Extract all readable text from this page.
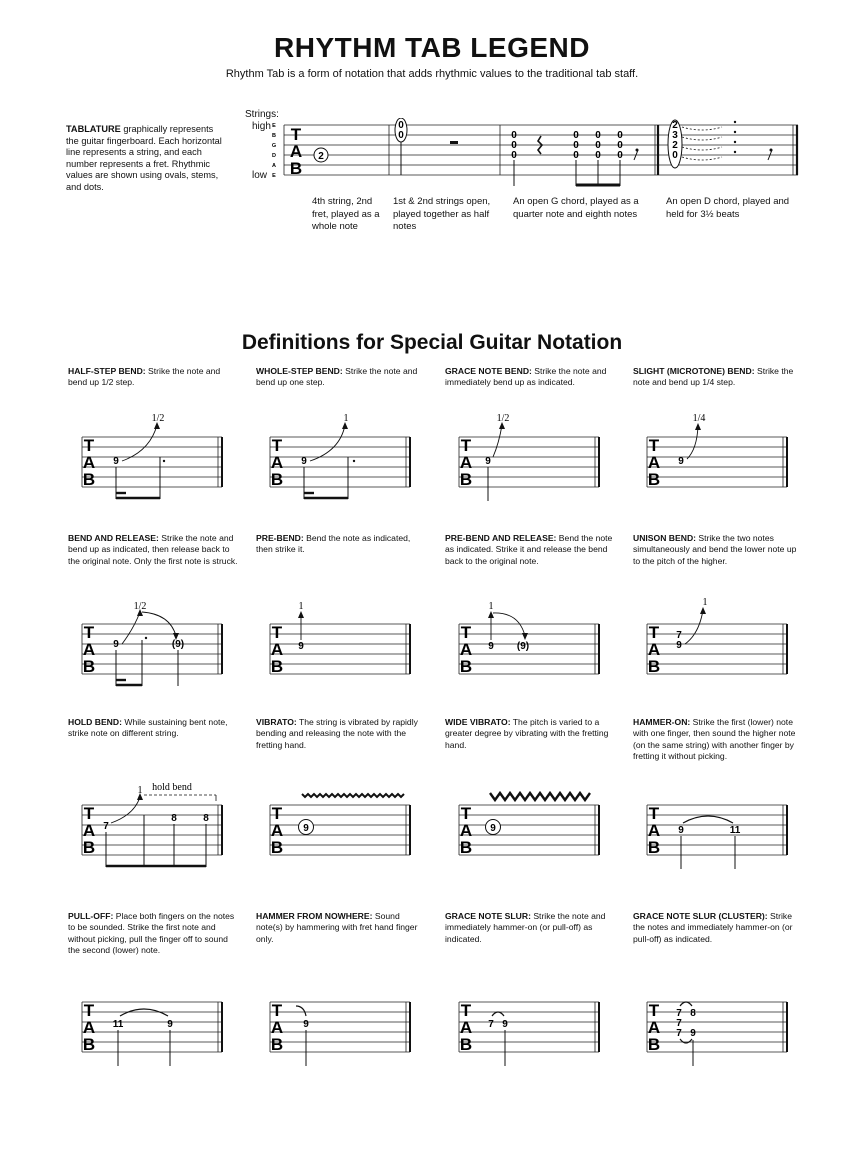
RHYTHM TAB LEGEND
Rhythm Tab is a form of notation that adds rhythmic values to the traditional tab staff.
TABLATURE graphically represents the guitar fingerboard. Each horizontal line represents a string, and each number represents a fret. Rhythmic values are shown using ovals, stems, and dots.
Strings:
high
low
E
B
G
D
A
E
T
A
B
2
0
0	0
0
0
0
0
0
0
0
0
0
0
0
2
3
2
0
4th string, 2nd fret, played as a whole note
1st & 2nd strings open, played together as half notes
An open G chord, played as a quarter note and eighth notes
An open D chord, played and held for 3½ beats
Definitions for Special Guitar Notation
HALF-STEP BEND: Strike the note and bend up 1/2 step.
WHOLE-STEP BEND: Strike the note and bend up one step.
GRACE NOTE BEND: Strike the note and immediately bend up as indicated.
SLIGHT (MICROTONE) BEND: Strike the note and bend up 1/4 step.
BEND AND RELEASE: Strike the note and bend up as indicated, then release back to the original note. Only the first note is struck.
PRE-BEND: Bend the note as indicated, then strike it.
PRE-BEND AND RELEASE: Bend the note as indicated. Strike it and release the bend back to the original note.
UNISON BEND: Strike the two notes simultaneously and bend the lower note up to the pitch of the higher.
HOLD BEND: While sustaining bent note, strike note on different string.
VIBRATO: The string is vibrated by rapidly bending and releasing the note with the fretting hand.
WIDE VIBRATO: The pitch is varied to a greater degree by vibrating with the fretting hand.
HAMMER-ON: Strike the first (lower) note with one finger, then sound the higher note (on the same string) with another finger by fretting it without picking.
PULL-OFF: Place both fingers on the notes to be sounded. Strike the first note and without picking, pull the finger off to sound the second (lower) note.
HAMMER FROM NOWHERE: Sound note(s) by hammering with fret hand finger only.
GRACE NOTE SLUR: Strike the note and immediately hammer-on (or pull-off) as indicated.
GRACE NOTE SLUR (CLUSTER): Strike the notes and immediately hammer-on (or pull-off) as indicated.
T
A
B
9
1/2
T
A
B
9
1
T
A
B
9
1/2
T
A
B
9
1/4
T
A
B
9
1/2
(9)
T
A
B
9
1
T
A
B
9
1
(9)
T
A
B
7
9
1
T
A
B
7
1 hold bend
8	8	T
A
B
9
T
A
B
9
T
A
B
9	11
T
A
B
11	9
T
A
B
9
T
A
B
7 9
T
A
B
7 8
7
7 9
